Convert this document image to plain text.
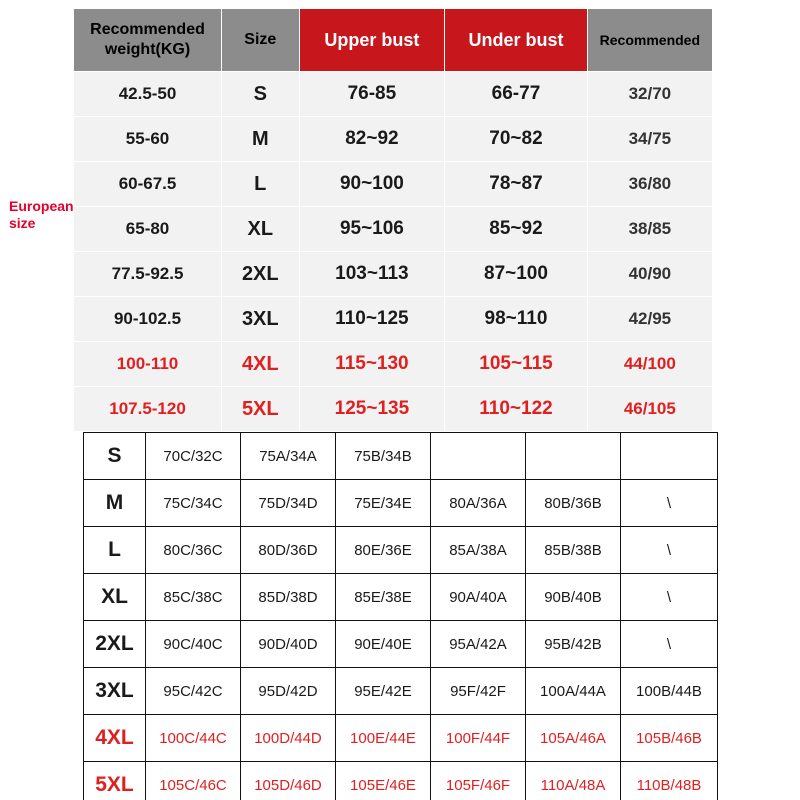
Recommended weight(KG)	Size	Upper bust	Under bust	Recommended
42.5-50	S	76-85	66-77	32/70
55-60	M	82~92	70~82	34/75
60-67.5	L	90~100	78~87	36/80
65-80	XL	95~106	85~92	38/85
77.5-92.5	2XL	103~113	87~100	40/90
90-102.5	3XL	110~125	98~110	42/95
100-110	4XL	115~130	105~115	44/100
107.5-120	5XL	125~135	110~122	46/105
European size
S	70C/32C	75A/34A	75B/34B			
M	75C/34C	75D/34D	75E/34E	80A/36A	80B/36B	\
L	80C/36C	80D/36D	80E/36E	85A/38A	85B/38B	\
XL	85C/38C	85D/38D	85E/38E	90A/40A	90B/40B	\
2XL	90C/40C	90D/40D	90E/40E	95A/42A	95B/42B	\
3XL	95C/42C	95D/42D	95E/42E	95F/42F	100A/44A	100B/44B
4XL	100C/44C	100D/44D	100E/44E	100F/44F	105A/46A	105B/46B
5XL	105C/46C	105D/46D	105E/46E	105F/46F	110A/48A	110B/48B
